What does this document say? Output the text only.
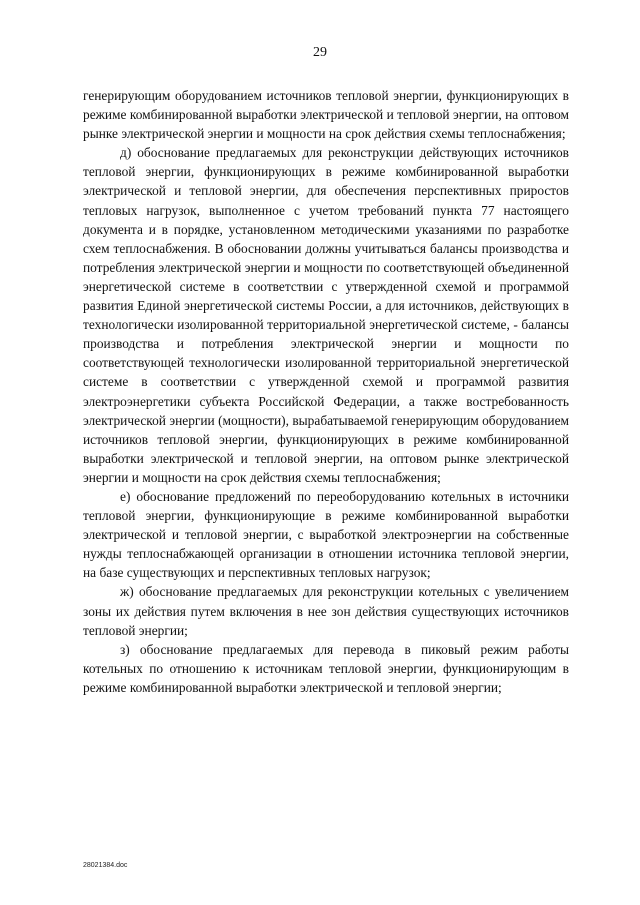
29

генерирующим оборудованием источников тепловой энергии, функционирующих в режиме комбинированной выработки электрической и тепловой энергии, на оптовом рынке электрической энергии и мощности на срок действия схемы теплоснабжения;

д) обоснование предлагаемых для реконструкции действующих источников тепловой энергии, функционирующих в режиме комбинированной выработки электрической и тепловой энергии, для обеспечения перспективных приростов тепловых нагрузок, выполненное с учетом требований пункта 77 настоящего документа и в порядке, установленном методическими указаниями по разработке схем теплоснабжения. В обосновании должны учитываться балансы производства и потребления электрической энергии и мощности по соответствующей объединенной энергетической системе в соответствии с утвержденной схемой и программой развития Единой энергетической системы России, а для источников, действующих в технологически изолированной территориальной энергетической системе, - балансы производства и потребления электрической энергии и мощности по соответствующей технологически изолированной территориальной энергетической системе в соответствии с утвержденной схемой и программой развития электроэнергетики субъекта Российской Федерации, а также востребованность электрической энергии (мощности), вырабатываемой генерирующим оборудованием источников тепловой энергии, функционирующих в режиме комбинированной выработки электрической и тепловой энергии, на оптовом рынке электрической энергии и мощности на срок действия схемы теплоснабжения;

е) обоснование предложений по переоборудованию котельных в источники тепловой энергии, функционирующие в режиме комбинированной выработки электрической и тепловой энергии, с выработкой электроэнергии на собственные нужды теплоснабжающей организации в отношении источника тепловой энергии, на базе существующих и перспективных тепловых нагрузок;

ж) обоснование предлагаемых для реконструкции котельных с увеличением зоны их действия путем включения в нее зон действия существующих источников тепловой энергии;

з) обоснование предлагаемых для перевода в пиковый режим работы котельных по отношению к источникам тепловой энергии, функционирующим в режиме комбинированной выработки электрической и тепловой энергии;

28021384.doc
